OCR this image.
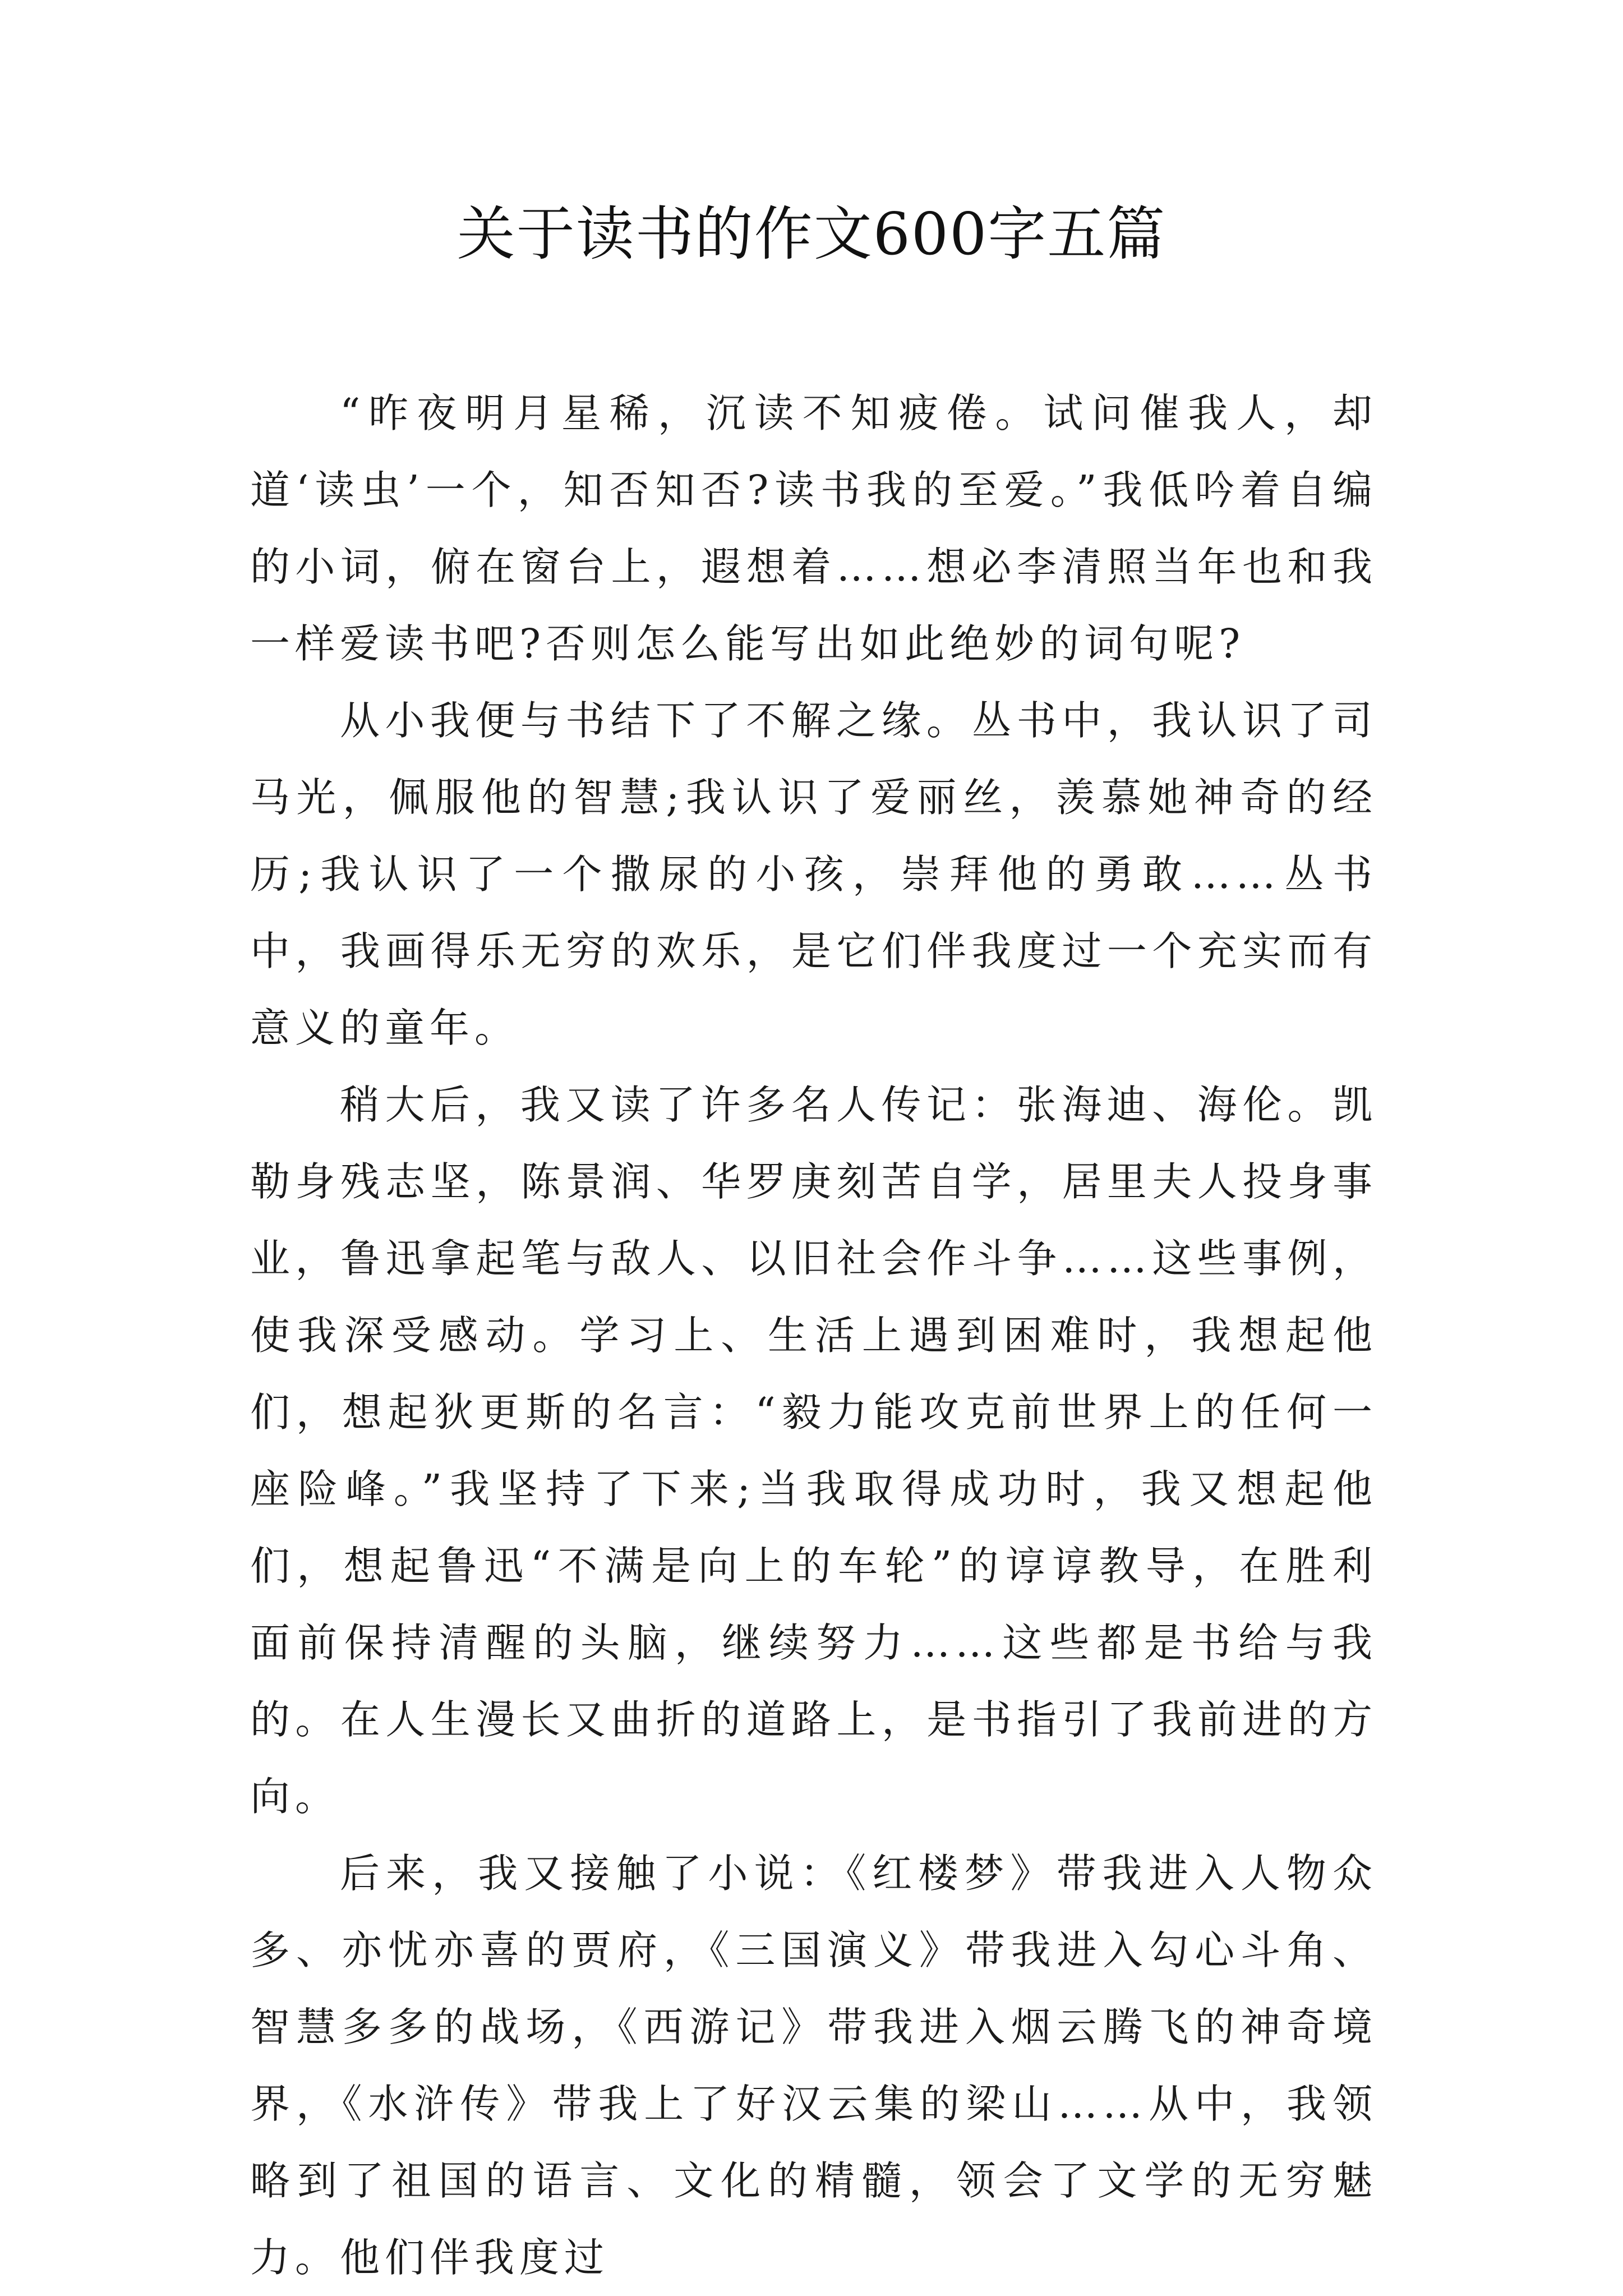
关于读书的作文600字五篇

“昨夜明月星稀，沉读不知疲倦。试问催我人，却道‘读虫’一个，知否知否?读书我的至爱。”我低吟着自编的小词，俯在窗台上，遐想着……想必李清照当年也和我一样爱读书吧?否则怎么能写出如此绝妙的词句呢?

从小我便与书结下了不解之缘。丛书中，我认识了司马光，佩服他的智慧;我认识了爱丽丝，羡慕她神奇的经历;我认识了一个撒尿的小孩，崇拜他的勇敢……丛书中，我画得乐无穷的欢乐，是它们伴我度过一个充实而有意义的童年。

稍大后，我又读了许多名人传记：张海迪、海伦。凯勒身残志坚，陈景润、华罗庚刻苦自学，居里夫人投身事业，鲁迅拿起笔与敌人、以旧社会作斗争……这些事例，使我深受感动。学习上、生活上遇到困难时，我想起他们，想起狄更斯的名言：“毅力能攻克前世界上的任何一座险峰。”我坚持了下来;当我取得成功时，我又想起他们，想起鲁迅“不满是向上的车轮”的谆谆教导，在胜利面前保持清醒的头脑，继续努力……这些都是书给与我的。在人生漫长又曲折的道路上，是书指引了我前进的方向。

后来，我又接触了小说：《红楼梦》带我进入人物众多、亦忧亦喜的贾府，《三国演义》带我进入勾心斗角、智慧多多的战场，《西游记》带我进入烟云腾飞的神奇境界，《水浒传》带我上了好汉云集的梁山……从中，我领略到了祖国的语言、文化的精髓，领会了文学的无穷魅力。他们伴我度过
